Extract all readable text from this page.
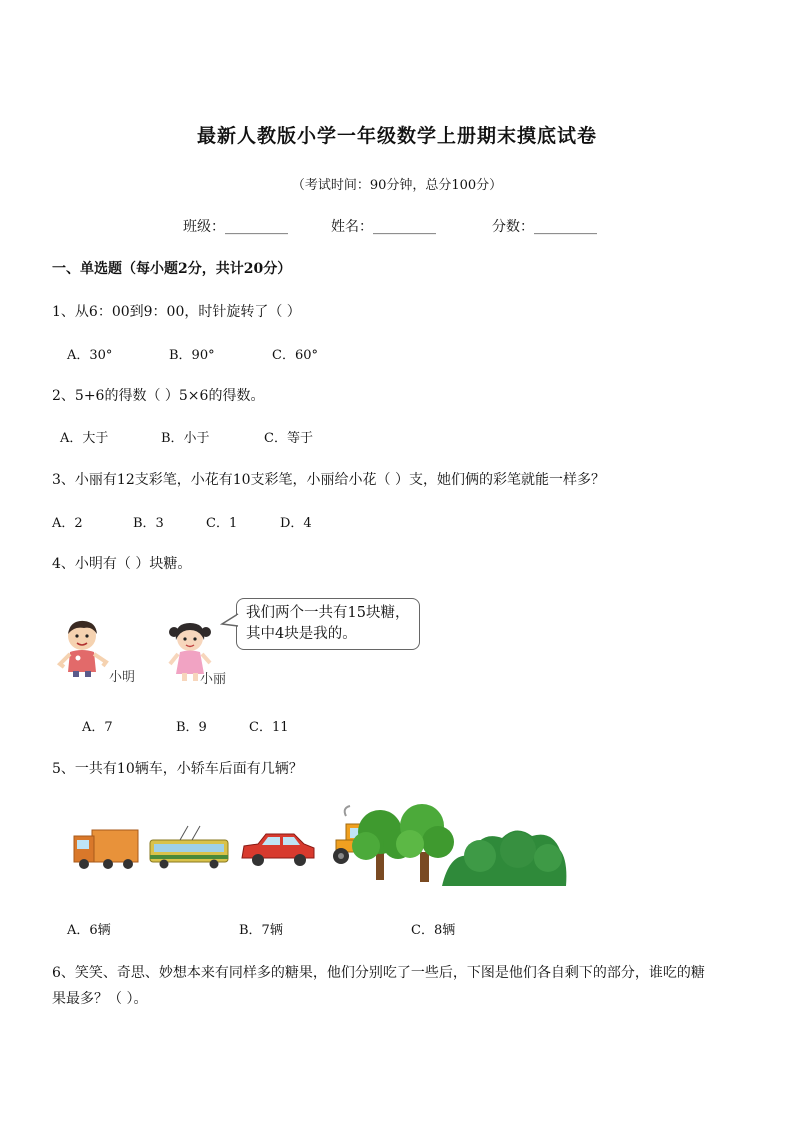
最新人教版小学一年级数学上册期末摸底试卷
（考试时间：90分钟，总分100分）
班级：_________	姓名：_________	分数：_________
一、单选题（每小题2分，共计20分）
1、从6：00到9：00，时针旋转了（ ）
A．30°	B．90°	C．60°
2、5+6的得数（ ）5×6的得数。
A．大于	B．小于	C．等于
3、小丽有12支彩笔，小花有10支彩笔，小丽给小花（ ）支，她们俩的彩笔就能一样多？
A．2	B．3	C．1	D．4
4、小明有（ ）块糖。
小明	小丽
我们两个一共有15块糖，其中4块是我的。
A．7	B．9	C．11
5、一共有10辆车，小轿车后面有几辆？
A．6辆	B．7辆	C．8辆
6、笑笑、奇思、妙想本来有同样多的糖果，他们分别吃了一些后，下图是他们各自剩下的部分，谁吃的糖
果最多？（ ）。
